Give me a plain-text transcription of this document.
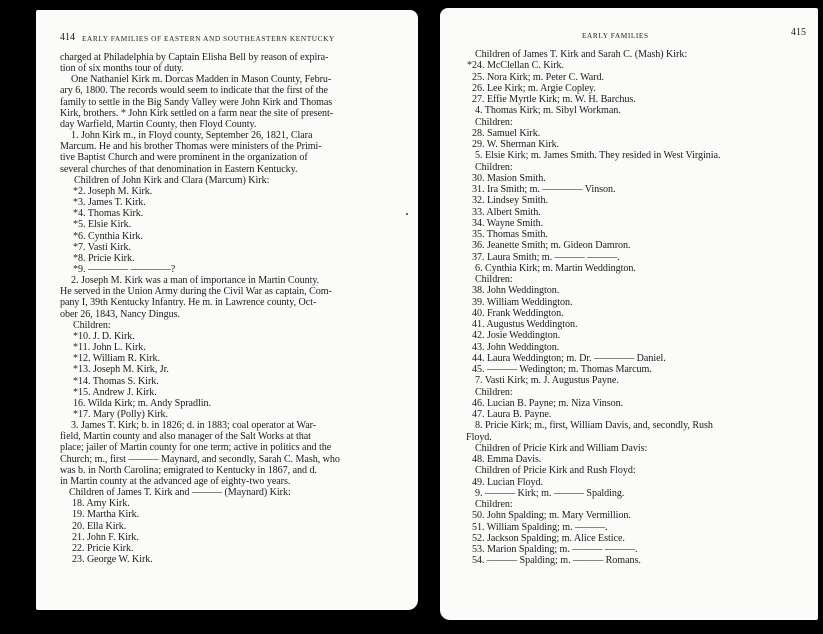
414 EARLY FAMILIES OF EASTERN AND SOUTHEASTERN KENTUCKY
charged at Philadelphia by Captain Elisha Bell by reason of expira-
tion of six months tour of duty.
One Nathaniel Kirk m. Dorcas Madden in Mason County, Febru-
ary 6, 1800. The records would seem to indicate that the first of the
family to settle in the Big Sandy Valley were John Kirk and Thomas
Kirk, brothers. * John Kirk settled on a farm near the site of present-
day Warfield, Martin County, then Floyd County.
1. John Kirk m., in Floyd county, September 26, 1821, Clara
Marcum. He and his brother Thomas were ministers of the Primi-
tive Baptist Church and were prominent in the organization of
several churches of that denomination in Eastern Kentucky.
Children of John Kirk and Clara (Marcum) Kirk:
*2. Joseph M. Kirk.
*3. James T. Kirk.
*4. Thomas Kirk.
*5. Elsie Kirk.
*6. Cynthia Kirk.
*7. Vasti Kirk.
*8. Pricie Kirk.
*9. ———— ————?
2. Joseph M. Kirk was a man of importance in Martin County.
He served in the Union Army during the Civil War as captain, Com-
pany I, 39th Kentucky Infantry. He m. in Lawrence county, Oct-
ober 26, 1843, Nancy Dingus.
Children:
*10. J. D. Kirk.
*11. John L. Kirk.
*12. William R. Kirk.
*13. Joseph M. Kirk, Jr.
*14. Thomas S. Kirk.
*15. Andrew J. Kirk.
16. Wilda Kirk; m. Andy Spradlin.
*17. Mary (Polly) Kirk.
3. James T. Kirk; b. in 1826; d. in 1883; coal operator at War-
field, Martin county and also manager of the Salt Works at that
place; jailer of Martin county for one term; active in politics and the
Church; m., first ——— Maynard, and secondly, Sarah C. Mash, who
was b. in North Carolina; emigrated to Kentucky in 1867, and d.
in Martin county at the advanced age of eighty-two years.
Children of James T. Kirk and ——— (Maynard) Kirk:
18. Amy Kirk.
19. Martha Kirk.
20. Ella Kirk.
21. John F. Kirk.
22. Pricie Kirk.
23. George W. Kirk.
EARLY FAMILIES	415
Children of James T. Kirk and Sarah C. (Mash) Kirk:
*24. McClellan C. Kirk.
25. Nora Kirk; m. Peter C. Ward.
26. Lee Kirk; m. Argie Copley.
27. Effie Myrtle Kirk; m. W. H. Barchus.
4. Thomas Kirk; m. Sibyl Workman.
Children:
28. Samuel Kirk.
29. W. Sherman Kirk.
5. Elsie Kirk; m. James Smith. They resided in West Virginia.
Children:
30. Masion Smith.
31. Ira Smith; m. ———— Vinson.
32. Lindsey Smith.
33. Albert Smith.
34. Wayne Smith.
35. Thomas Smith.
36. Jeanette Smith; m. Gideon Damron.
37. Laura Smith; m. ——— ———.
6. Cynthia Kirk; m. Martin Weddington.
Children:
38. John Weddington.
39. William Weddington.
40. Frank Weddington.
41. Augustus Weddington.
42. Josie Weddington.
43. John Weddington.
44. Laura Weddington; m. Dr. ———— Daniel.
45. ——— Wedington; m. Thomas Marcum.
7. Vasti Kirk; m. J. Augustus Payne.
Children:
46. Lucian B. Payne; m. Niza Vinson.
47. Laura B. Payne.
8. Pricie Kirk; m., first, William Davis, and, secondly, Rush
Floyd.
Children of Pricie Kirk and William Davis:
48. Emma Davis.
Children of Pricie Kirk and Rush Floyd:
49. Lucian Floyd.
9. ——— Kirk; m. ——— Spalding.
Children:
50. John Spalding; m. Mary Vermillion.
51. William Spalding; m. ———.
52. Jackson Spalding; m. Alice Estice.
53. Marion Spalding; m. ——— ———.
54. ——— Spalding; m. ——— Romans.
